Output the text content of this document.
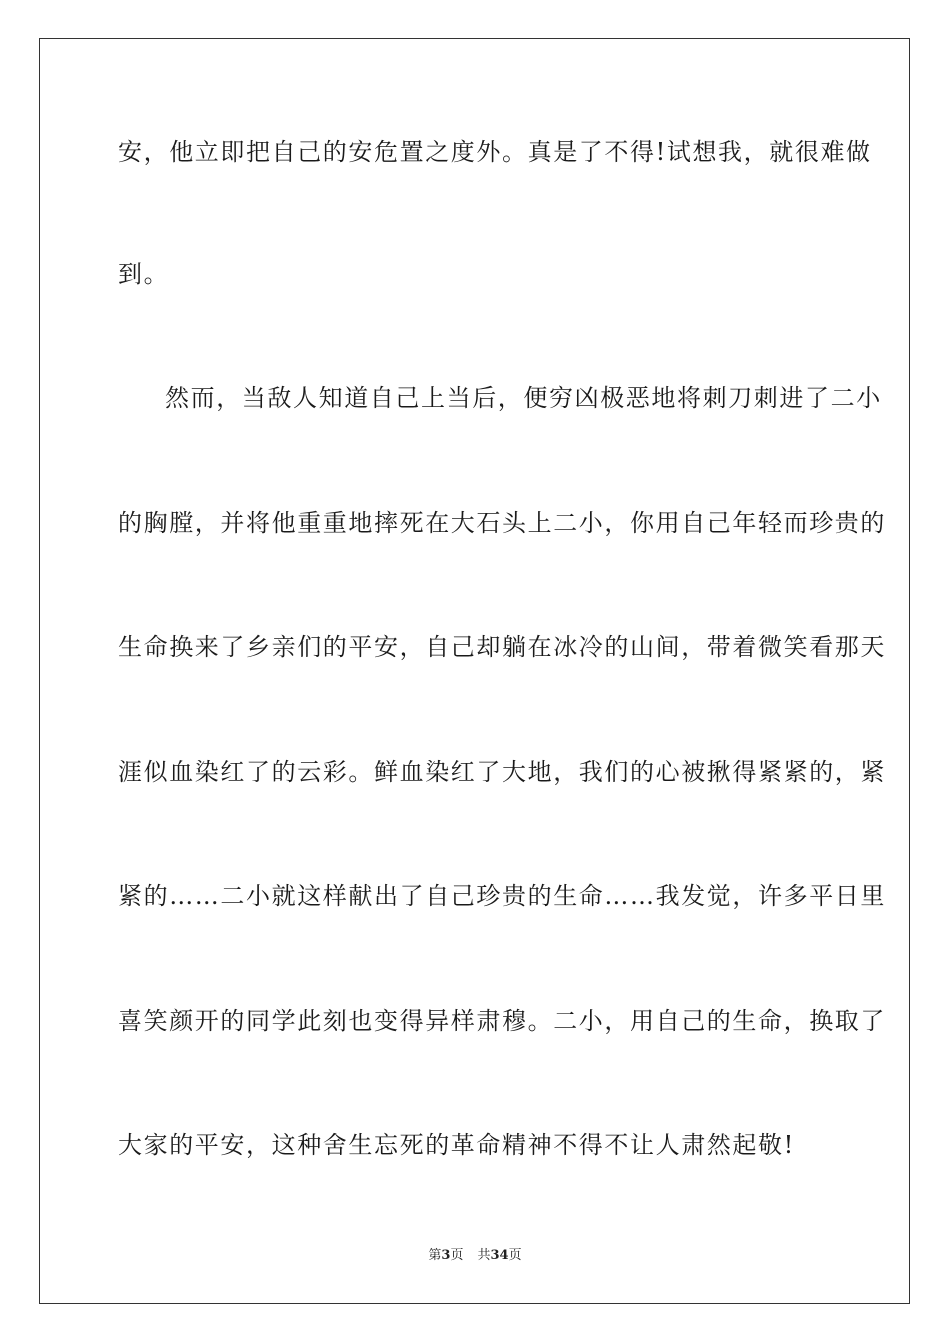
安，他立即把自己的安危置之度外。真是了不得!试想我，就很难做
到。
然而，当敌人知道自己上当后，便穷凶极恶地将刺刀刺进了二小
的胸膛，并将他重重地摔死在大石头上二小，你用自己年轻而珍贵的
生命换来了乡亲们的平安，自己却躺在冰冷的山间，带着微笑看那天
涯似血染红了的云彩。鲜血染红了大地，我们的心被揪得紧紧的，紧
紧的……二小就这样献出了自己珍贵的生命……我发觉，许多平日里
喜笑颜开的同学此刻也变得异样肃穆。二小，用自己的生命，换取了
大家的平安，这种舍生忘死的革命精神不得不让人肃然起敬!
第3页 共34页
